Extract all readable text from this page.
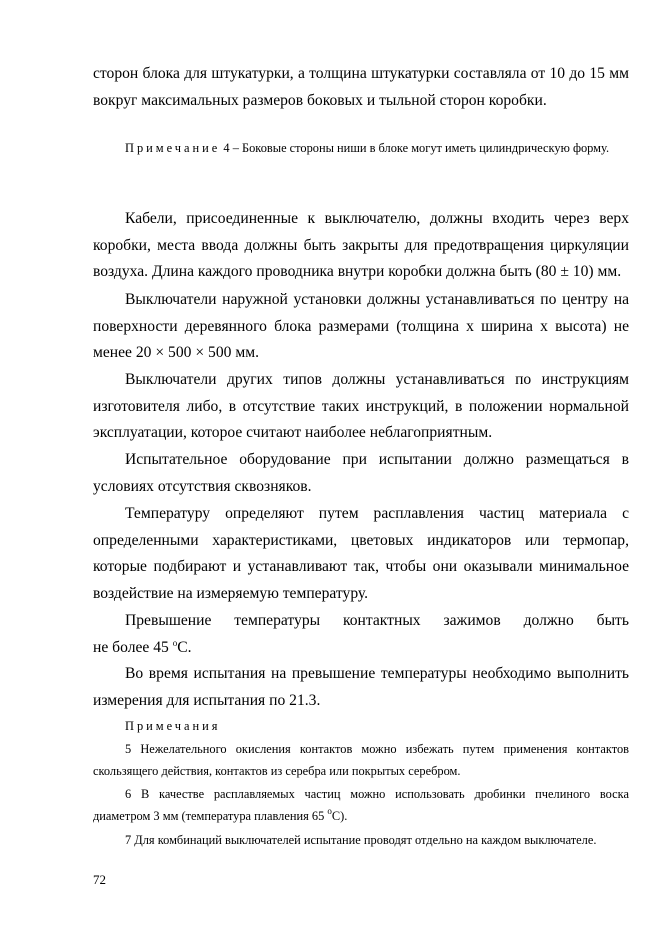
сторон блока для штукатурки, а толщина штукатурки составляла от 10 до 15 мм вокруг максимальных размеров боковых и тыльной сторон коробки.

Примечание 4 – Боковые стороны ниши в блоке могут иметь цилиндрическую форму.

Кабели, присоединенные к выключателю, должны входить через верх коробки, места ввода должны быть закрыты для предотвращения циркуляции воздуха. Длина каждого проводника внутри коробки должна быть (80 ± 10) мм.

Выключатели наружной установки должны устанавливаться по центру на поверхности деревянного блока размерами (толщина х ширина х высота) не менее 20 × 500 × 500 мм.

Выключатели других типов должны устанавливаться по инструкциям изготовителя либо, в отсутствие таких инструкций, в положении нормальной эксплуатации, которое считают наиболее неблагоприятным.

Испытательное оборудование при испытании должно размещаться в условиях отсутствия сквозняков.

Температуру определяют путем расплавления частиц материала с определенными характеристиками, цветовых индикаторов или термопар, которые подбирают и устанавливают так, чтобы они оказывали минимальное воздействие на измеряемую температуру.

Превышение температуры контактных зажимов должно быть
не более 45 $^o$С.

Во время испытания на превышение температуры необходимо выполнить измерения для испытания по 21.3.

Примечания

5 Нежелательного окисления контактов можно избежать путем применения контактов скользящего действия, контактов из серебра или покрытых серебром.

6 В качестве расплавляемых частиц можно использовать дробинки пчелиного воска диаметром 3 мм (температура плавления 65 $^o$С).

7 Для комбинаций выключателей испытание проводят отдельно на каждом выключателе.

72
